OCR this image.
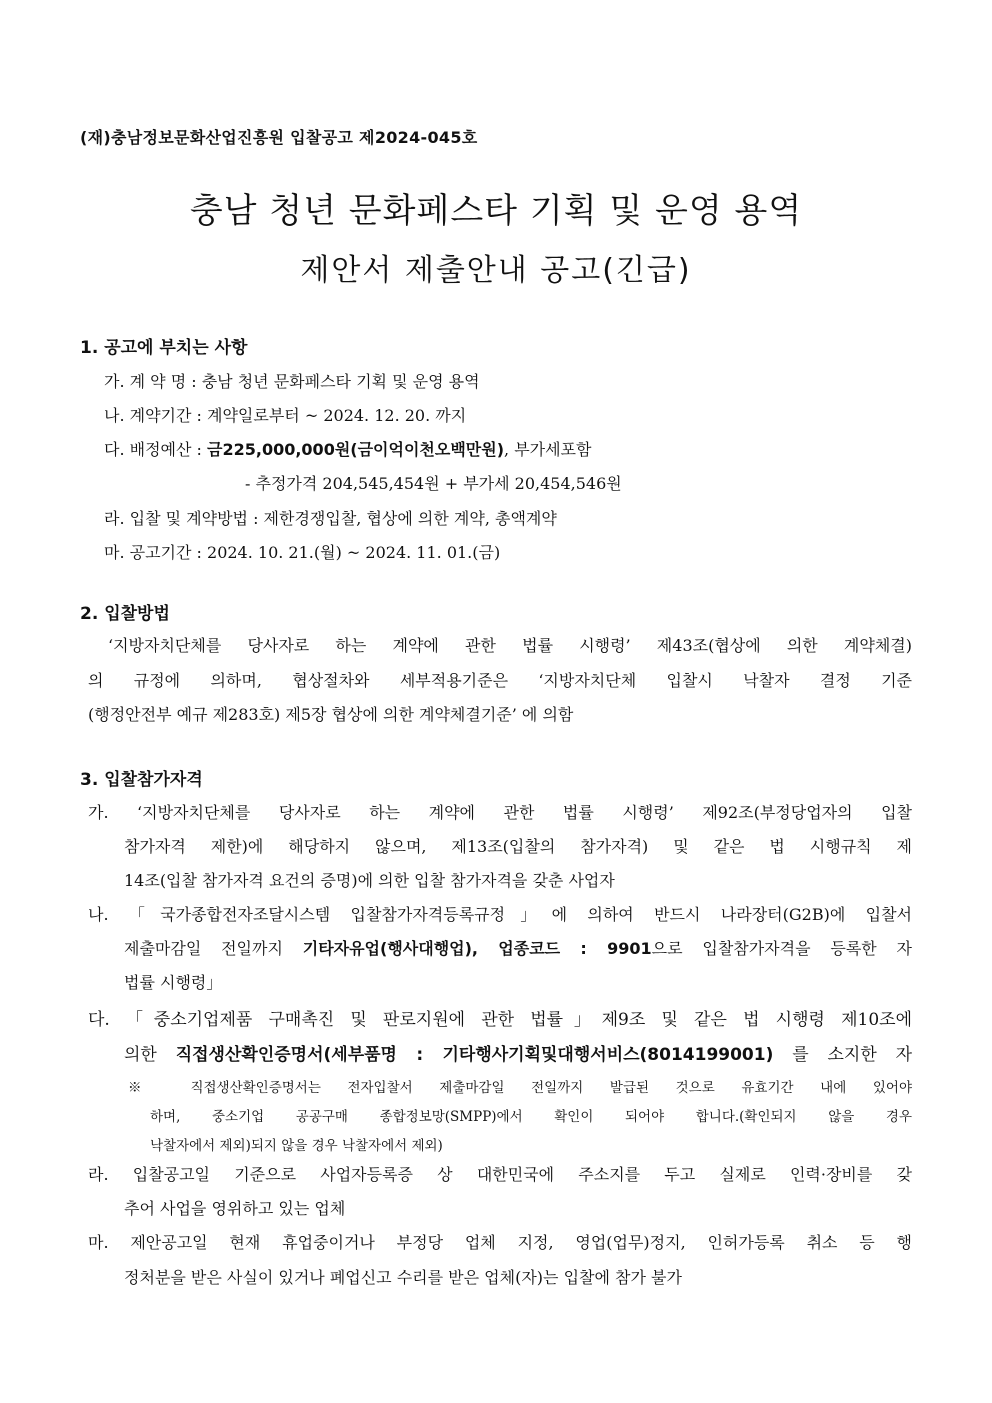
(재)충남정보문화산업진흥원 입찰공고 제2024-045호
충남 청년 문화페스타 기획 및 운영 용역
제안서 제출안내 공고(긴급)
1. 공고에 부치는 사항
가. 계 약 명 : 충남 청년 문화페스타 기획 및 운영 용역
나. 계약기간 : 계약일로부터 ~ 2024. 12. 20. 까지
다. 배정예산 : 금225,000,000원(금이억이천오백만원), 부가세포함
- 추정가격 204,545,454원 + 부가세 20,454,546원
라. 입찰 및 계약방법 : 제한경쟁입찰, 협상에 의한 계약, 총액계약
마. 공고기간 : 2024. 10. 21.(월) ~ 2024. 11. 01.(금)
2. 입찰방법
‘지방자치단체를 당사자로 하는 계약에 관한 법률 시행령’ 제43조(협상에 의한 계약체결)
의 규정에 의하며, 협상절차와 세부적용기준은 ‘지방자치단체 입찰시 낙찰자 결정 기준
(행정안전부 예규 제283호) 제5장 협상에 의한 계약체결기준’ 에 의함
3. 입찰참가자격
가. ‘지방자치단체를 당사자로 하는 계약에 관한 법률 시행령’ 제92조(부정당업자의 입찰
참가자격 제한)에 해당하지 않으며, 제13조(입찰의 참가자격) 및 같은 법 시행규칙 제
14조(입찰 참가자격 요건의 증명)에 의한 입찰 참가자격을 갖춘 사업자
나. 「국가종합전자조달시스템 입찰참가자격등록규정」에 의하여 반드시 나라장터(G2B)에 입찰서
제출마감일 전일까지 기타자유업(행사대행업), 업종코드 : 9901으로 입찰참가자격을 등록한 자
법률 시행령」
다. 「중소기업제품 구매촉진 및 판로지원에 관한 법률」제9조 및 같은 법 시행령 제10조에
의한 직접생산확인증명서(세부품명 : 기타행사기획및대행서비스(8014199001) 를 소지한 자
※ 직접생산확인증명서는 전자입찰서 제출마감일 전일까지 발급된 것으로 유효기간 내에 있어야
하며, 중소기업 공공구매 종합정보망(SMPP)에서 확인이 되어야 합니다.(확인되지 않을 경우
낙찰자에서 제외)되지 않을 경우 낙찰자에서 제외)
라. 입찰공고일 기준으로 사업자등록증 상 대한민국에 주소지를 두고 실제로 인력·장비를 갖
추어 사업을 영위하고 있는 업체
마. 제안공고일 현재 휴업중이거나 부정당 업체 지정, 영업(업무)정지, 인허가등록 취소 등 행
정처분을 받은 사실이 있거나 폐업신고 수리를 받은 업체(자)는 입찰에 참가 불가
